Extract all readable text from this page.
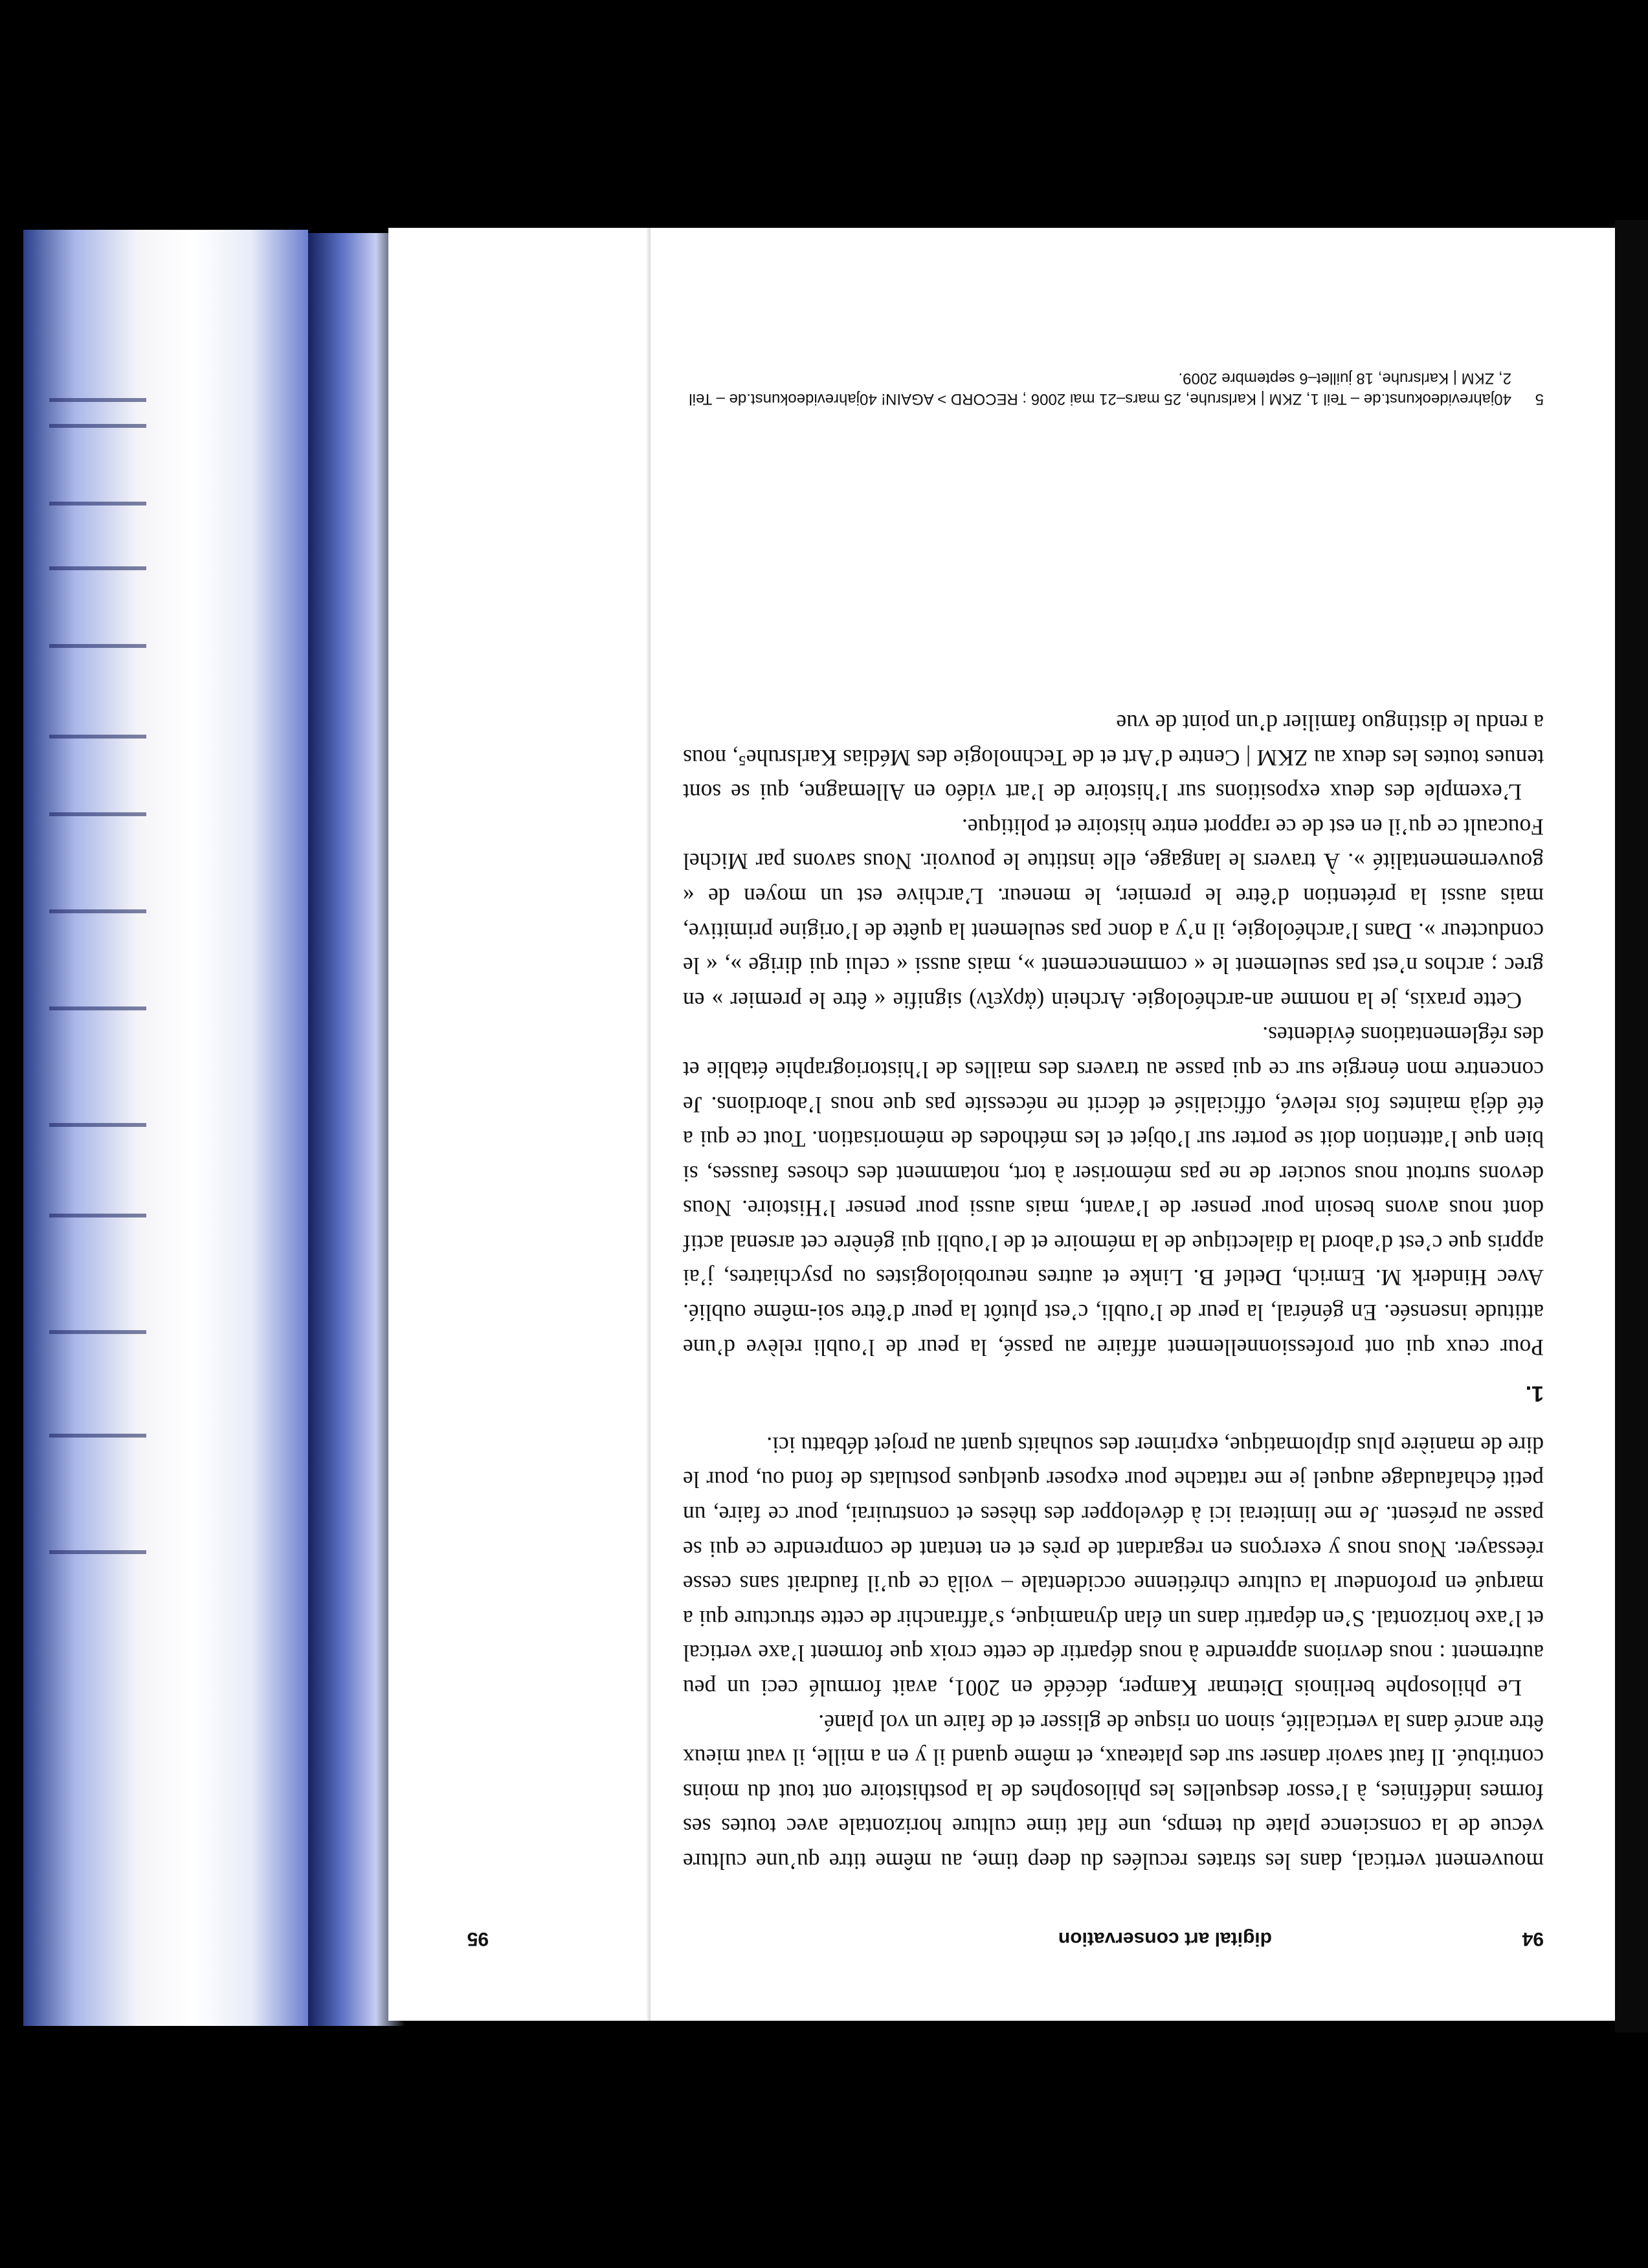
94
digital art conservation

mouvement vertical, dans les strates reculées du deep time, au même titre qu’une culture vécue de la conscience plate du temps, une flat time culture horizontale avec toutes ses formes indéfinies, à l’essor desquelles les philosophes de la posthistoire ont tout du moins contribué. Il faut savoir danser sur des plateaux, et même quand il y en a mille, il vaut mieux être ancré dans la verticalité, sinon on risque de glisser et de faire un vol plané.

Le philosophe berlinois Dietmar Kamper, décédé en 2001, avait formulé ceci un peu autrement : nous devrions apprendre à nous départir de cette croix que forment l’axe vertical et l’axe horizontal. S’en départir dans un élan dynamique, s’affranchir de cette structure qui a marqué en profondeur la culture chrétienne occidentale – voilà ce qu’il faudrait sans cesse réessayer. Nous nous y exerçons en regardant de près et en tentant de comprendre ce qui se passe au présent. Je me limiterai ici à développer des thèses et construirai, pour ce faire, un petit échafaudage auquel je me rattache pour exposer quelques postulats de fond ou, pour le dire de manière plus diplomatique, exprimer des souhaits quant au projet débattu ici.

1.

Pour ceux qui ont professionnellement affaire au passé, la peur de l’oubli relève d’une attitude insensée. En général, la peur de l’oubli, c’est plutôt la peur d’être soi-même oublié. Avec Hinderk M. Emrich, Detlef B. Linke et autres neurobiologistes ou psychiatres, j’ai appris que c’est d’abord la dialectique de la mémoire et de l’oubli qui génère cet arsenal actif dont nous avons besoin pour penser de l’avant, mais aussi pour penser l’Histoire. Nous devons surtout nous soucier de ne pas mémoriser à tort, notamment des choses fausses, si bien que l’attention doit se porter sur l’objet et les méthodes de mémorisation. Tout ce qui a été déjà maintes fois relevé, officialisé et décrit ne nécessite pas que nous l’abordions. Je concentre mon énergie sur ce qui passe au travers des mailles de l’historiographie établie et des réglementations évidentes.

Cette praxis, je la nomme an-archéologie. Archein (ἀρχεῖν) signifie « être le premier » en grec ; archos n’est pas seulement le « commencement », mais aussi « celui qui dirige », « le conducteur ». Dans l’archéologie, il n’y a donc pas seulement la quête de l’origine primitive, mais aussi la prétention d’être le premier, le meneur. L’archive est un moyen de « gouvernementalité ». À travers le langage, elle institue le pouvoir. Nous savons par Michel Foucault ce qu’il en est de ce rapport entre histoire et politique.

L’exemple des deux expositions sur l’histoire de l’art vidéo en Allemagne, qui se sont tenues toutes les deux au ZKM | Centre d’Art et de Technologie des Médias Karlsruhe⁵, nous a rendu le distinguo familier d’un point de vue

5
40jahrevideokunst.de – Teil 1, ZKM | Karlsruhe, 25 mars–21 mai 2006 ; RECORD > AGAIN! 40jahrevideokunst.de – Teil 2, ZKM | Karlsruhe, 18 juillet–6 septembre 2009.
95
